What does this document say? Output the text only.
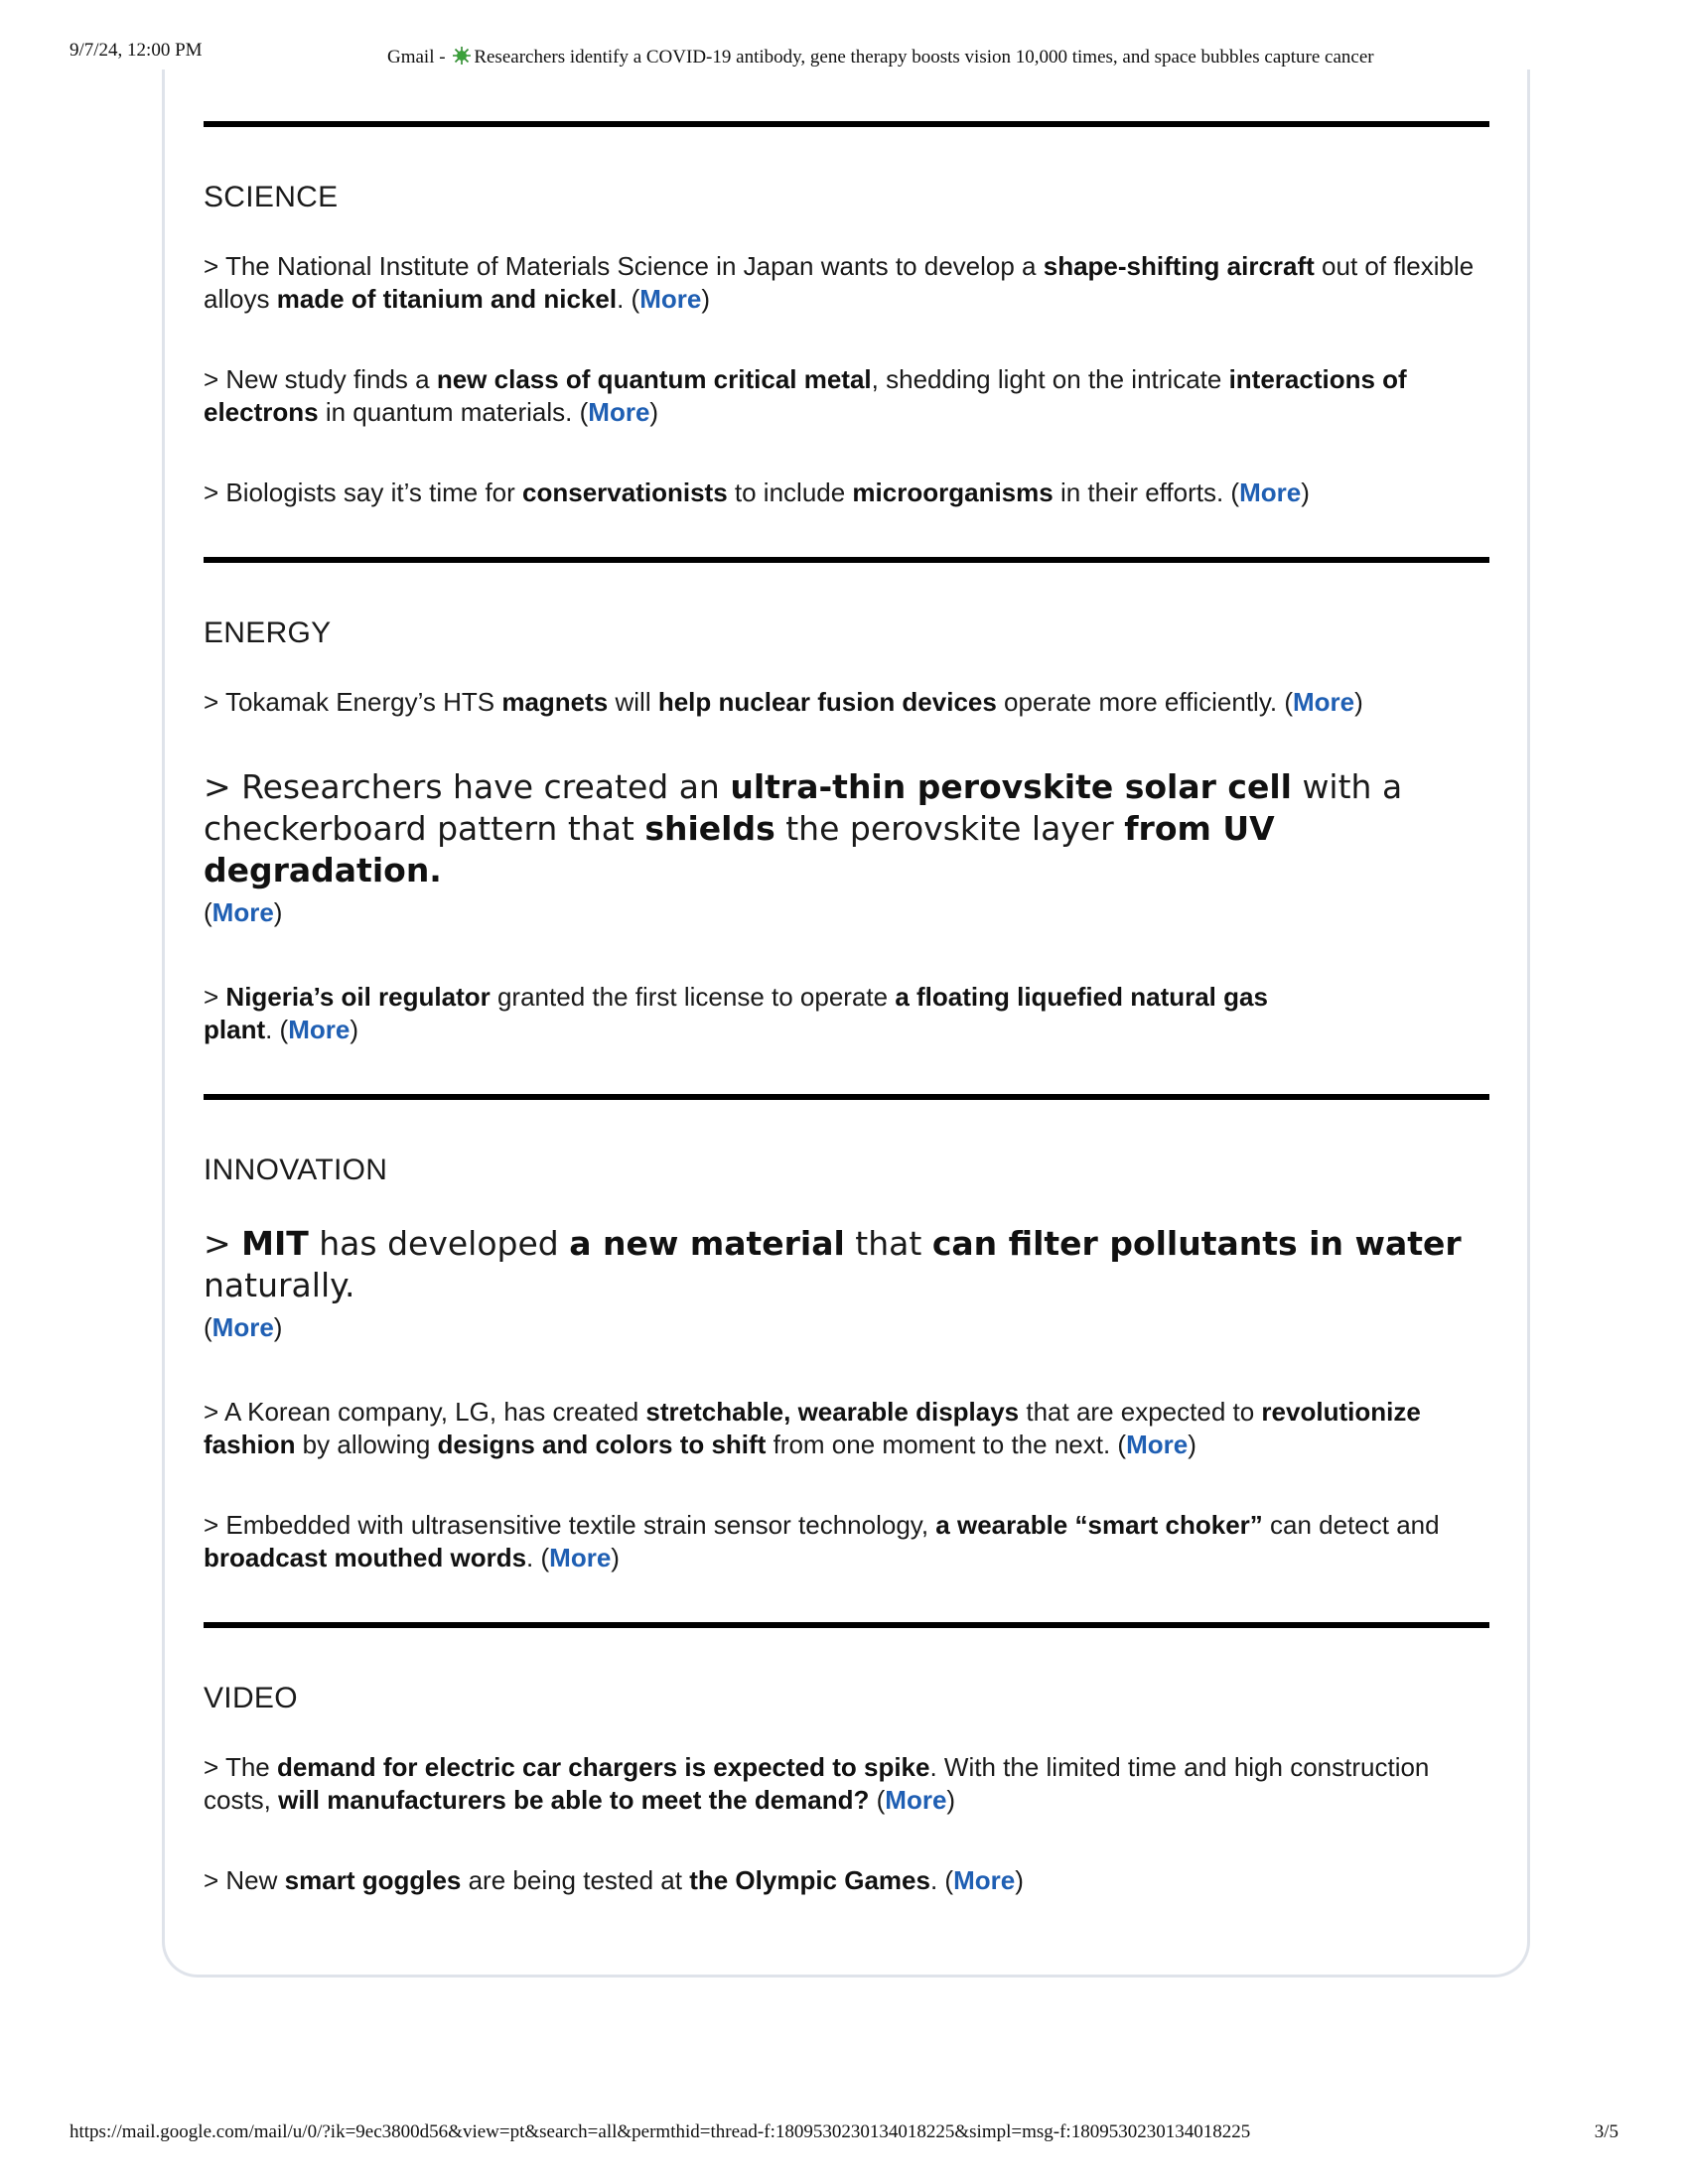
9/7/24, 12:00 PM	Gmail - Researchers identify a COVID-19 antibody, gene therapy boosts vision 10,000 times, and space bubbles capture cancer
SCIENCE
> The National Institute of Materials Science in Japan wants to develop a shape-shifting aircraft out of flexible alloys made of titanium and nickel. (More)
> New study finds a new class of quantum critical metal, shedding light on the intricate interactions of electrons in quantum materials. (More)
> Biologists say it’s time for conservationists to include microorganisms in their efforts. (More)
ENERGY
> Tokamak Energy’s HTS magnets will help nuclear fusion devices operate more efficiently. (More)
> Researchers have created an ultra-thin perovskite solar cell with a checkerboard pattern that shields the perovskite layer from UV degradation.
(More)
> Nigeria’s oil regulator granted the first license to operate a floating liquefied natural gas plant. (More)
INNOVATION
> MIT has developed a new material that can filter pollutants in water naturally.
(More)
> A Korean company, LG, has created stretchable, wearable displays that are expected to revolutionize fashion by allowing designs and colors to shift from one moment to the next. (More)
> Embedded with ultrasensitive textile strain sensor technology, a wearable “smart choker” can detect and broadcast mouthed words. (More)
VIDEO
> The demand for electric car chargers is expected to spike. With the limited time and high construction costs, will manufacturers be able to meet the demand? (More)
> New smart goggles are being tested at the Olympic Games. (More)
https://mail.google.com/mail/u/0/?ik=9ec3800d56&view=pt&search=all&permthid=thread-f:1809530230134018225&simpl=msg-f:1809530230134018225	3/5
